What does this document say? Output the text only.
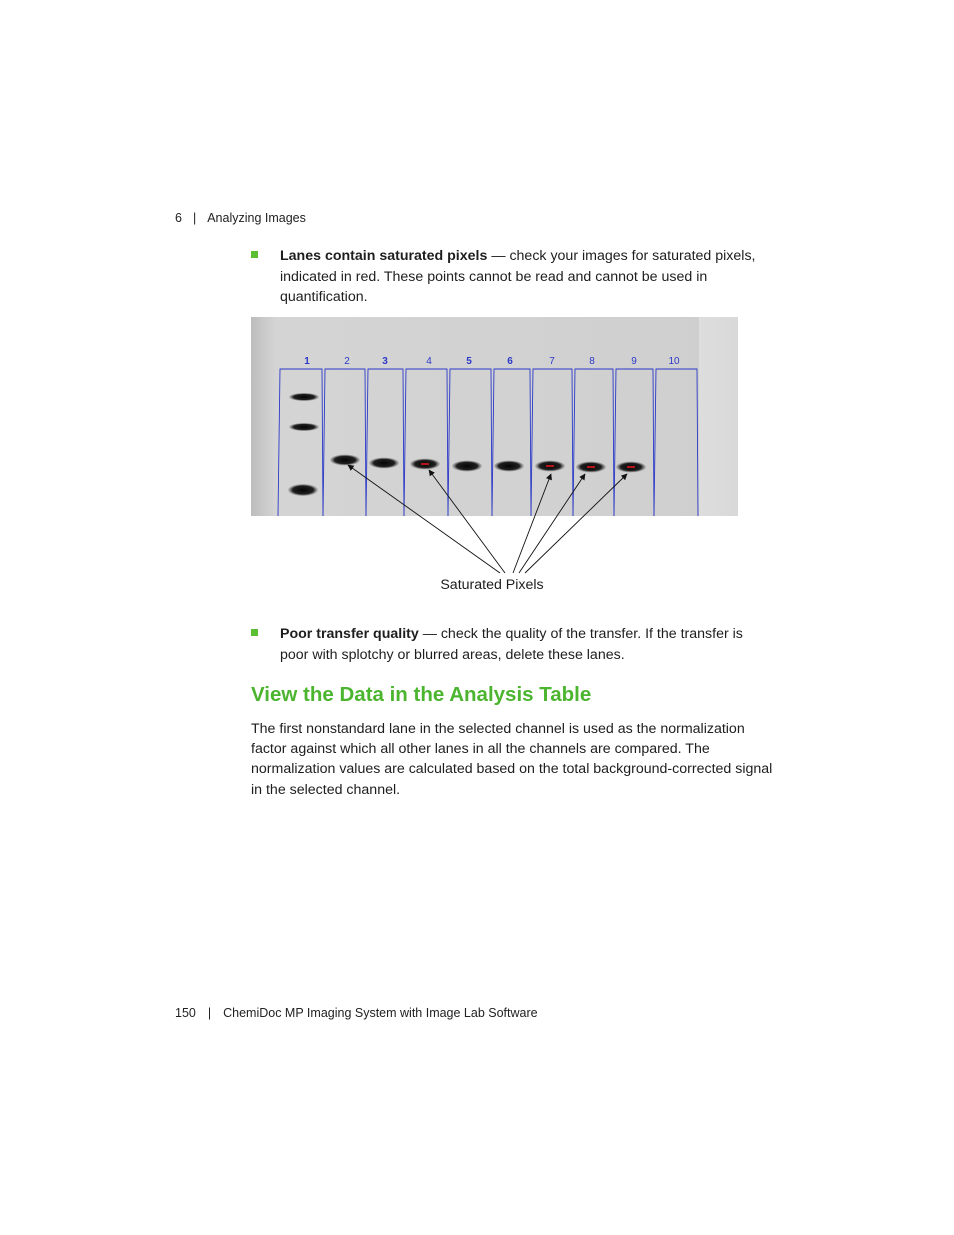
6 | Analyzing Images
Lanes contain saturated pixels — check your images for saturated pixels, indicated in red. These points cannot be read and cannot be used in quantification.
1	2	3	4	5	6	7	8	9	10
Saturated Pixels
Poor transfer quality — check the quality of the transfer. If the transfer is poor with splotchy or blurred areas, delete these lanes.
View the Data in the Analysis Table

The first nonstandard lane in the selected channel is used as the normalization factor against which all other lanes in all the channels are compared. The normalization values are calculated based on the total background-corrected signal in the selected channel.

150 | ChemiDoc MP Imaging System with Image Lab Software
